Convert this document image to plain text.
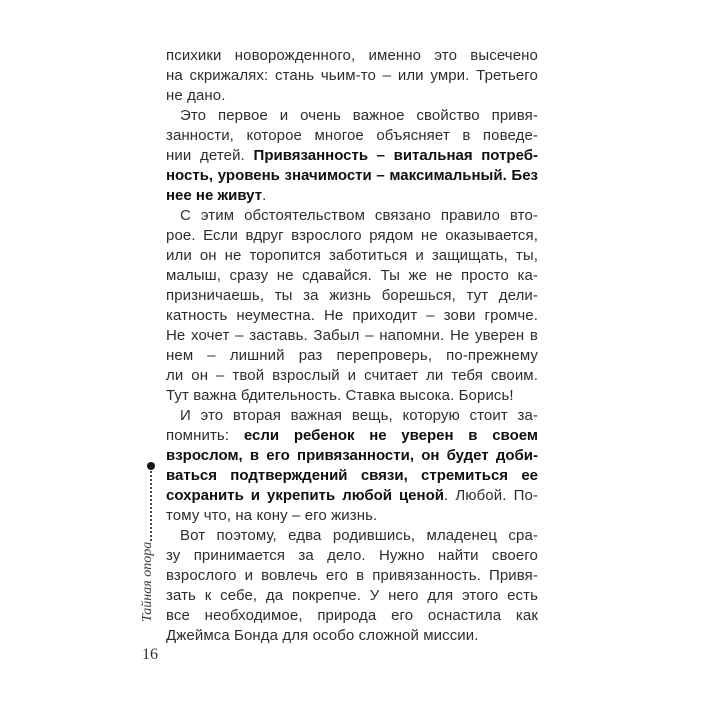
психики новорожденного, именно это высечено
на скрижалях: стань чьим-то – или умри. Третьего
не дано.
Это первое и очень важное свойство привя-
занности, которое многое объясняет в поведе-
нии детей. Привязанность – витальная потреб-
ность, уровень значимости – максимальный. Без
нее не живут.
С этим обстоятельством связано правило вто-
рое. Если вдруг взрослого рядом не оказывается,
или он не торопится заботиться и защищать, ты,
малыш, сразу не сдавайся. Ты же не просто ка-
призничаешь, ты за жизнь борешься, тут дели-
катность неуместна. Не приходит – зови громче.
Не хочет – заставь. Забыл – напомни. Не уверен в
нем – лишний раз перепроверь, по-прежнему
ли он – твой взрослый и считает ли тебя своим.
Тут важна бдительность. Ставка высока. Борись!
И это вторая важная вещь, которую стоит за-
помнить: если ребенок не уверен в своем
взрослом, в его привязанности, он будет доби-
ваться подтверждений связи, стремиться ее
сохранить и укрепить любой ценой. Любой. По-
тому что, на кону – его жизнь.
Вот поэтому, едва родившись, младенец сра-
зу принимается за дело. Нужно найти своего
взрослого и вовлечь его в привязанность. Привя-
зать к себе, да покрепче. У него для этого есть
все необходимое, природа его оснастила как
Джеймса Бонда для особо сложной миссии.
Тайная опора
16
